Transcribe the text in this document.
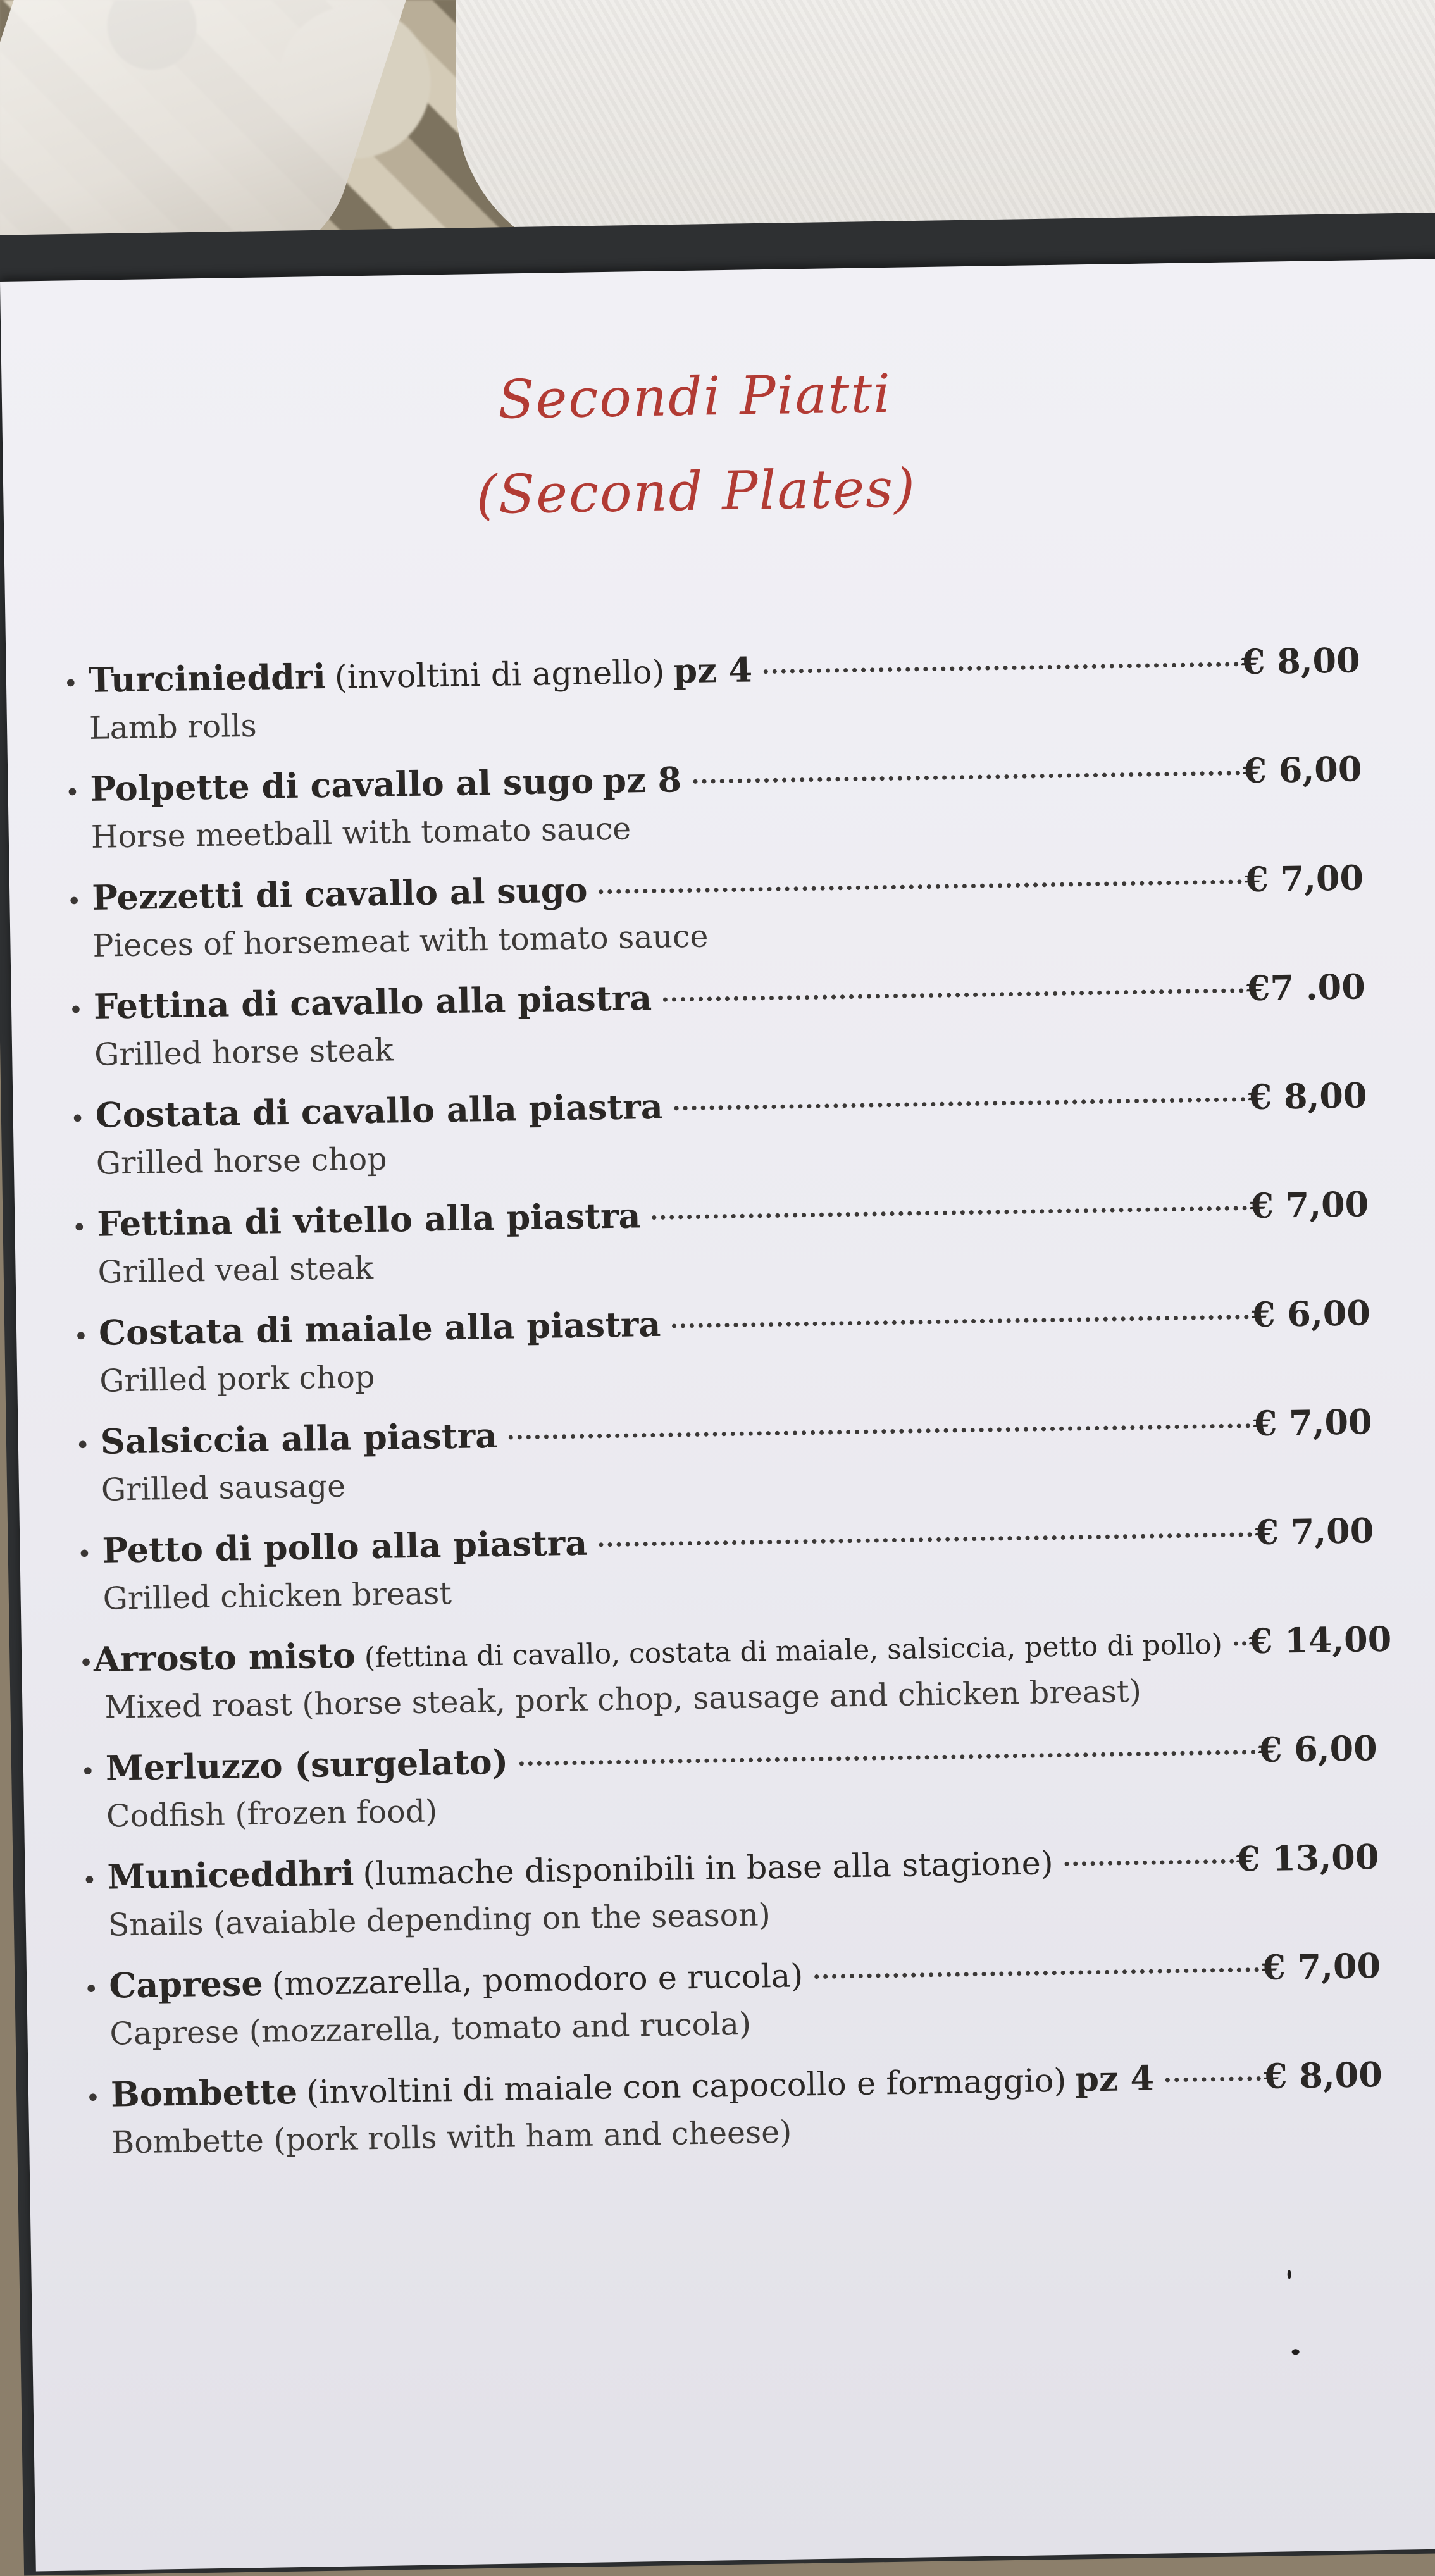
Secondi Piatti
(Second Plates)
• Turcinieddri (involtini di agnello) pz 4	€ 8,00
Lamb rolls
• Polpette di cavallo al sugo pz 8	€ 6,00
Horse meetball with tomato sauce
• Pezzetti di cavallo al sugo	€ 7,00
Pieces of horsemeat with tomato sauce
• Fettina di cavallo alla piastra	€7 .00
Grilled horse steak
• Costata di cavallo alla piastra	€ 8,00
Grilled horse chop
• Fettina di vitello alla piastra	€ 7,00
Grilled veal steak
• Costata di maiale alla piastra	€ 6,00
Grilled pork chop
• Salsiccia alla piastra	€ 7,00
Grilled sausage
• Petto di pollo alla piastra	€ 7,00
Grilled chicken breast
• Arrosto misto (fettina di cavallo, costata di maiale, salsiccia, petto di pollo) € 14,00
Mixed roast (horse steak, pork chop, sausage and chicken breast)
• Merluzzo (surgelato)	€ 6,00
Codfish (frozen food)
• Municeddhri (lumache disponibili in base alla stagione)	€ 13,00
Snails (avaiable depending on the season)
• Caprese (mozzarella, pomodoro e rucola)	€ 7,00
Caprese (mozzarella, tomato and rucola)
• Bombette (involtini di maiale con capocollo e formaggio) pz 4	€ 8,00
Bombette (pork rolls with ham and cheese)
